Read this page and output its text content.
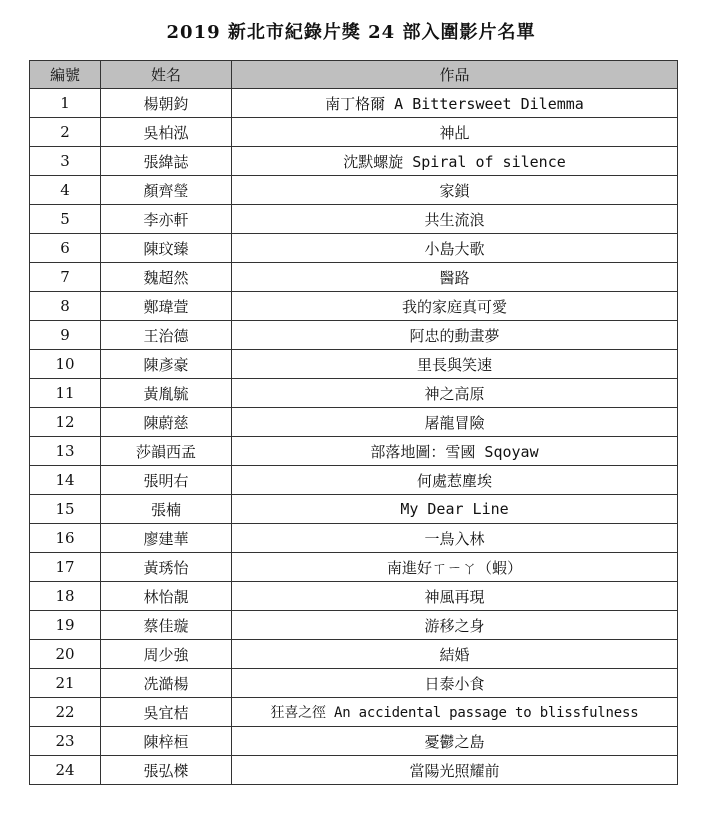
2019 新北市紀錄片獎 24 部入圍影片名單
編號	姓名	作品
1	楊朝鈞	南丁格爾 A Bittersweet Dilemma
2	吳柏泓	神乩
3	張緯誌	沈默螺旋 Spiral of silence
4	顏齊瑩	家鎖
5	李亦軒	共生流浪
6	陳玟臻	小島大歌
7	魏超然	醫路
8	鄭瑋萱	我的家庭真可愛
9	王治德	阿忠的動畫夢
10	陳彥豪	里長與笑速
11	黃胤毓	神之高原
12	陳蔚慈	屠龍冒險
13	莎韻西孟	部落地圖：雪國 Sqoyaw
14	張明右	何處惹塵埃
15	張楠	My Dear Line
16	廖建華	一鳥入林
17	黃琇怡	南進好ㄒㄧㄚ（蝦）
18	林怡靚	神風再現
19	蔡佳璇	游移之身
20	周少強	結婚
21	冼澔楊	日泰小食
22	吳宜桔	狂喜之徑 An accidental passage to blissfulness
23	陳梓桓	憂鬱之島
24	張弘榤	當陽光照耀前
